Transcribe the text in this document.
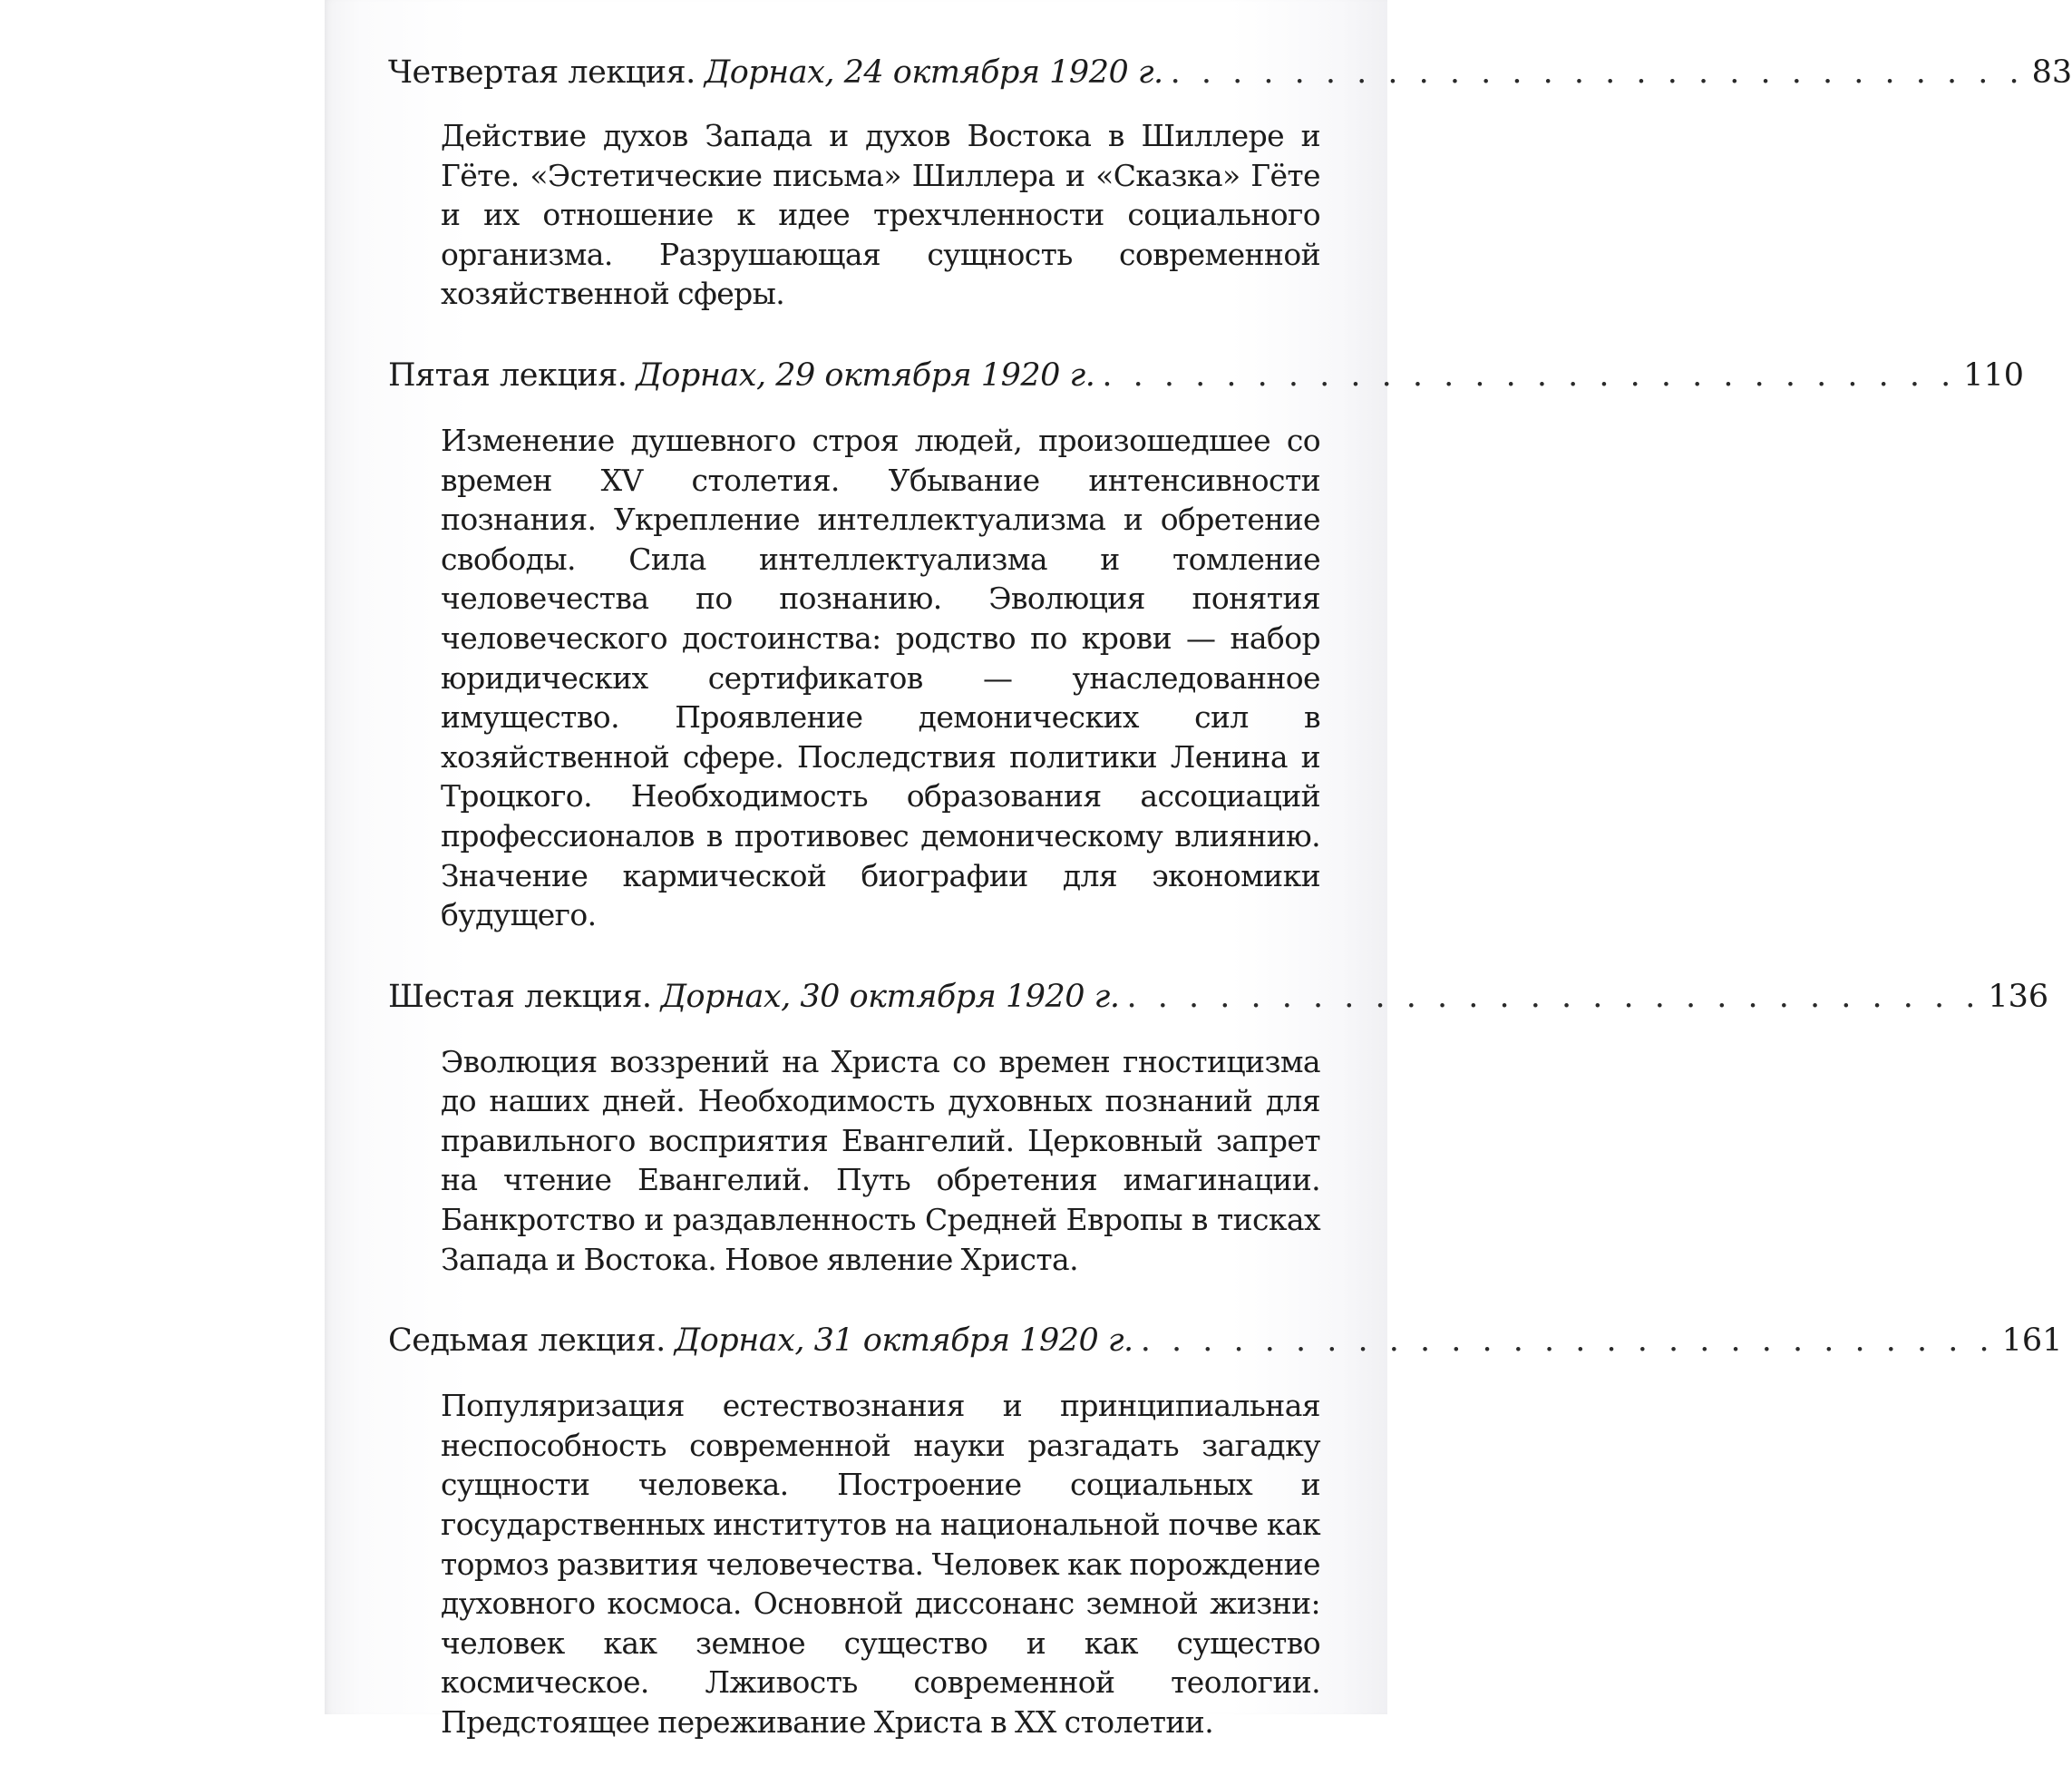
Четвертая лекция. Дорнах, 24 октября 1920 г. . . . . . . . . . . . . . . . . . . . . . . . . . . . . 83
Действие духов Запада и духов Востока в Шиллере и Гёте. «Эстетические письма» Шиллера и «Сказка» Гёте и их отношение к идее трехчленности социального организма. Разрушающая сущность современной хозяйственной сферы.
Пятая лекция. Дорнах, 29 октября 1920 г. . . . . . . . . . . . . . . . . . . . . . . . . . . . . 110
Изменение душевного строя людей, произошедшее со времен XV столетия. Убывание интенсивности познания. Укрепление интеллектуализма и обретение свободы. Сила интеллектуализма и томление человечества по познанию. Эволюция понятия человеческого достоинства: родство по крови — набор юридических сертификатов — унаследованное имущество. Проявление демонических сил в хозяйственной сфере. Последствия политики Ленина и Троцкого. Необходимость образования ассоциаций профессионалов в противовес демоническому влиянию. Значение кармической биографии для экономики будущего.
Шестая лекция. Дорнах, 30 октября 1920 г. . . . . . . . . . . . . . . . . . . . . . . . . . . . . 136
Эволюция воззрений на Христа со времен гностицизма до наших дней. Необходимость духовных познаний для правильного восприятия Евангелий. Церковный запрет на чтение Евангелий. Путь обретения имагинации. Банкротство и раздавленность Средней Европы в тисках Запада и Востока. Новое явление Христа.
Седьмая лекция. Дорнах, 31 октября 1920 г. . . . . . . . . . . . . . . . . . . . . . . . . . . . . 161
Популяризация естествознания и принципиальная неспособность современной науки разгадать загадку сущности человека. Построение социальных и государственных институтов на национальной почве как тормоз развития человечества. Человек как порождение духовного космоса. Основной диссонанс земной жизни: человек как земное существо и как существо космическое. Лживость современной теологии. Предстоящее переживание Христа в XX столетии.
